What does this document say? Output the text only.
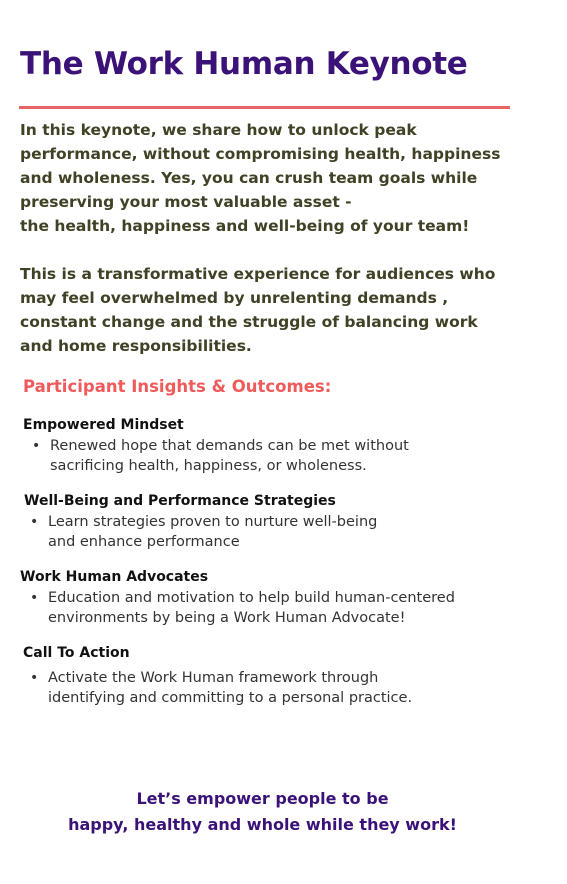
The Work Human Keynote

In this keynote, we share how to unlock peak
performance, without compromising health, happiness
and wholeness. Yes, you can crush team goals while
preserving your most valuable asset -
the health, happiness and well-being of your team!

This is a transformative experience for audiences who
may feel overwhelmed by unrelenting demands ,
constant change and the struggle of balancing work
and home responsibilities.

Participant Insights & Outcomes:
Empowered Mindset
• Renewed hope that demands can be met without
sacrificing health, happiness, or wholeness.
Well-Being and Performance Strategies
• Learn strategies proven to nurture well-being
and enhance performance
Work Human Advocates
• Education and motivation to help build human-centered
environments by being a Work Human Advocate!
Call To Action
• Activate the Work Human framework through
identifying and committing to a personal practice.
Let’s empower people to be
happy, healthy and whole while they work!
